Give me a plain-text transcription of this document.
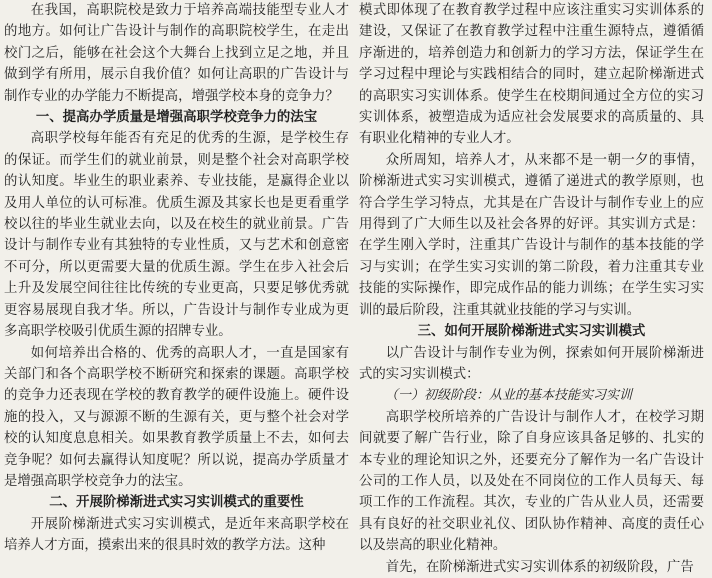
在我国，高职院校是致力于培养高端技能型专业人才的地方。如何让广告设计与制作的高职院校学生，在走出校门之后，能够在社会这个大舞台上找到立足之地，并且做到学有所用，展示自我价值？如何让高职的广告设计与制作专业的办学能力不断提高，增强学校本身的竞争力？

一、提高办学质量是增强高职学校竞争力的法宝

高职学校每年能否有充足的优秀的生源，是学校生存的保证。而学生们的就业前景，则是整个社会对高职学校的认知度。毕业生的职业素养、专业技能，是赢得企业以及用人单位的认可标准。优质生源及其家长也是更看重学校以往的毕业生就业去向，以及在校生的就业前景。广告设计与制作专业有其独特的专业性质，又与艺术和创意密不可分，所以更需要大量的优质生源。学生在步入社会后上升及发展空间往往比传统的专业更高，只要足够优秀就更容易展现自我才华。所以，广告设计与制作专业成为更多高职学校吸引优质生源的招牌专业。

如何培养出合格的、优秀的高职人才，一直是国家有关部门和各个高职学校不断研究和探索的课题。高职学校的竞争力还表现在学校的教育教学的硬件设施上。硬件设施的投入，又与源源不断的生源有关，更与整个社会对学校的认知度息息相关。如果教育教学质量上不去，如何去竞争呢？如何去赢得认知度呢？所以说，提高办学质量才是增强高职学校竞争力的法宝。

二、开展阶梯渐进式实习实训模式的重要性

开展阶梯渐进式实习实训模式，是近年来高职学校在培养人才方面，摸索出来的很具时效的教学方法。这种

模式即体现了在教育教学过程中应该注重实习实训体系的建设，又保证了在教育教学过程中注重生源特点，遵循循序渐进的，培养创造力和创新力的学习方法，保证学生在学习过程中理论与实践相结合的同时，建立起阶梯渐进式的高职实习实训体系。使学生在校期间通过全方位的实习实训体系，被塑造成为适应社会发展要求的高质量的、具有职业化精神的专业人才。

众所周知，培养人才，从来都不是一朝一夕的事情，阶梯渐进式实习实训模式，遵循了递进式的教学原则，也符合学生学习特点，尤其是在广告设计与制作专业上的应用得到了广大师生以及社会各界的好评。其实训方式是：在学生刚入学时，注重其广告设计与制作的基本技能的学习与实训；在学生实习实训的第二阶段，着力注重其专业技能的实际操作，即完成作品的能力训练；在学生实习实训的最后阶段，注重其就业技能的学习与实训。

三、如何开展阶梯渐进式实习实训模式

以广告设计与制作专业为例，探索如何开展阶梯渐进式的实习实训模式：

（一）初级阶段：从业的基本技能实习实训

高职学校所培养的广告设计与制作人才，在校学习期间就要了解广告行业，除了自身应该具备足够的、扎实的本专业的理论知识之外，还要充分了解作为一名广告设计公司的工作人员，以及处在不同岗位的工作人员每天、每项工作的工作流程。其次，专业的广告从业人员，还需要具有良好的社交职业礼仪、团队协作精神、高度的责任心以及崇高的职业化精神。

首先，在阶梯渐进式实习实训体系的初级阶段，广告
